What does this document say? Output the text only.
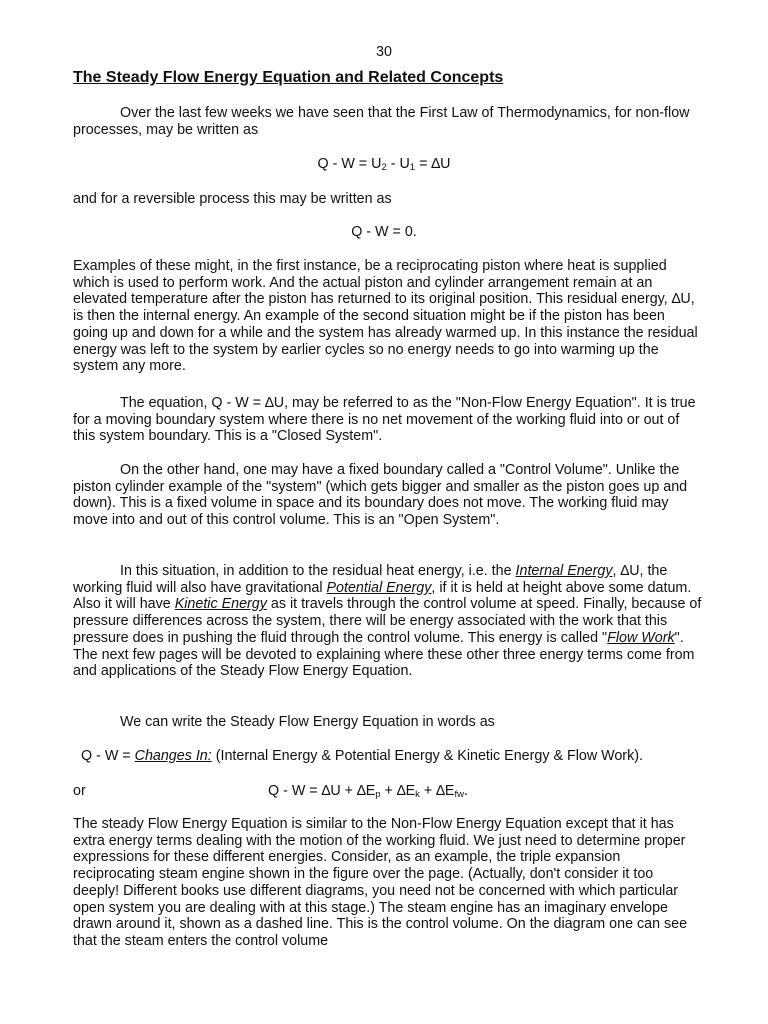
30
The Steady Flow Energy Equation and Related Concepts

Over the last few weeks we have seen that the First Law of Thermodynamics, for non-flow processes, may be written as

$Q - W = U_2 - U_1 = \Delta U$

and for a reversible process this may be written as

Q - W = 0.

Examples of these might, in the first instance, be a reciprocating piston where heat is supplied which is used to perform work. And the actual piston and cylinder arrangement remain at an elevated temperature after the piston has returned to its original position. This residual energy, ∆U, is then the internal energy. An example of the second situation might be if the piston has been going up and down for a while and the system has already warmed up. In this instance the residual energy was left to the system by earlier cycles so no energy needs to go into warming up the system any more.

The equation, Q - W = ∆U, may be referred to as the "Non-Flow Energy Equation". It is true for a moving boundary system where there is no net movement of the working fluid into or out of this system boundary. This is a "Closed System".

On the other hand, one may have a fixed boundary called a "Control Volume". Unlike the piston cylinder example of the "system" (which gets bigger and smaller as the piston goes up and down). This is a fixed volume in space and its boundary does not move. The working fluid may move into and out of this control volume. This is an "Open System".

In this situation, in addition to the residual heat energy, i.e. the Internal Energy, ∆U, the working fluid will also have gravitational Potential Energy, if it is held at height above some datum. Also it will have Kinetic Energy as it travels through the control volume at speed. Finally, because of pressure differences across the system, there will be energy associated with the work that this pressure does in pushing the fluid through the control volume. This energy is called "Flow Work". The next few pages will be devoted to explaining where these other three energy terms come from and applications of the Steady Flow Energy Equation.

We can write the Steady Flow Energy Equation in words as

Q - W = Changes In: (Internal Energy & Potential Energy & Kinetic Energy & Flow Work).

or	$Q - W = \Delta U + \Delta E_p + \Delta E_k + \Delta E_{fw}$.

The steady Flow Energy Equation is similar to the Non-Flow Energy Equation except that it has extra energy terms dealing with the motion of the working fluid. We just need to determine proper expressions for these different energies. Consider, as an example, the triple expansion reciprocating steam engine shown in the figure over the page. (Actually, don't consider it too deeply! Different books use different diagrams, you need not be concerned with which particular open system you are dealing with at this stage.) The steam engine has an imaginary envelope drawn around it, shown as a dashed line. This is the control volume. On the diagram one can see that the steam enters the control volume
